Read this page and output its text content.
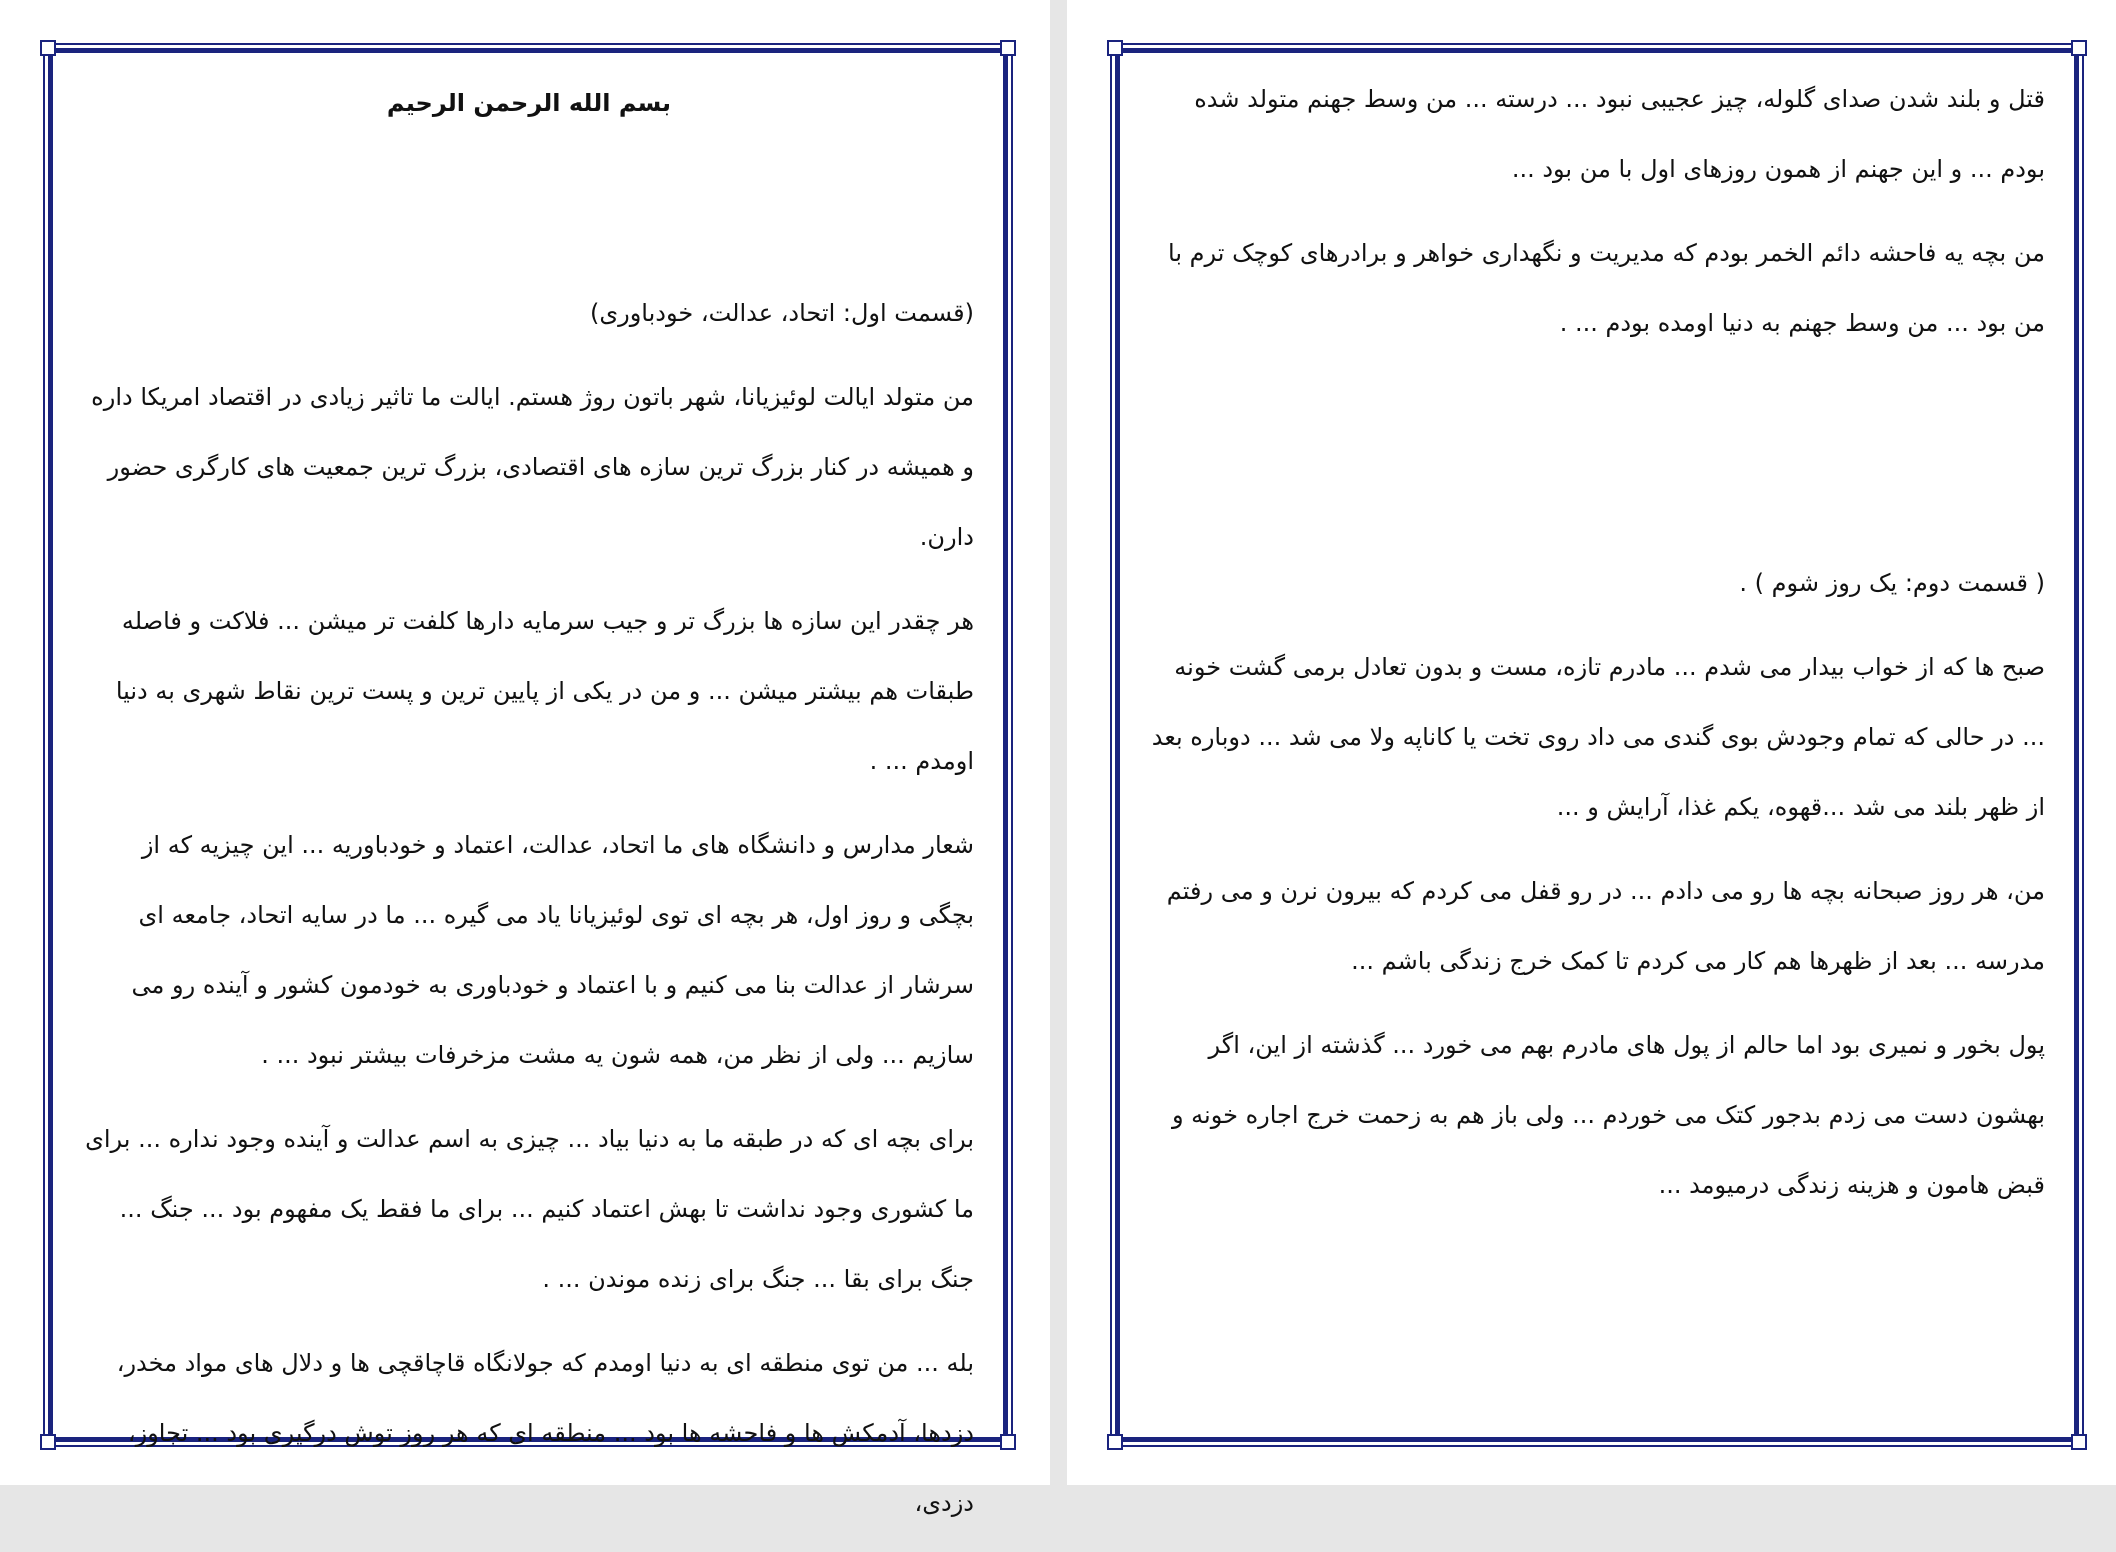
بسم الله الرحمن الرحیم

(قسمت اول: اتحاد، عدالت، خودباوری)

من متولد ایالت لوئیزیانا، شهر باتون روژ هستم. ایالت ما تاثیر زیادی در اقتصاد امریکا داره و همیشه در کنار بزرگ ترین سازه های اقتصادی، بزرگ ترین جمعیت های کارگری حضور دارن.

هر چقدر این سازه ها بزرگ تر و جیب سرمایه دارها کلفت تر میشن ... فلاکت و فاصله طبقات هم بیشتر میشن ... و من در یکی از پایین ترین و پست ترین نقاط شهری به دنیا اومدم ... .

شعار مدارس و دانشگاه های ما اتحاد، عدالت، اعتماد و خودباوریه ... این چیزیه که از بچگی و روز اول، هر بچه ای توی لوئیزیانا یاد می گیره ... ما در سایه اتحاد، جامعه ای سرشار از عدالت بنا می کنیم و با اعتماد و خودباوری به خودمون کشور و آینده رو می سازیم ... ولی از نظر من، همه شون یه مشت مزخرفات بیشتر نبود ... .

برای بچه ای که در طبقه ما به دنیا بیاد ... چیزی به اسم عدالت و آینده وجود نداره ... برای ما کشوری وجود نداشت تا بهش اعتماد کنیم ... برای ما فقط یک مفهوم بود ... جنگ ... جنگ برای بقا ... جنگ برای زنده موندن ... .

بله ... من توی منطقه ای به دنیا اومدم که جولانگاه قاچاقچی ها و دلال های مواد مخدر، دزدها، آدمکش ها و فاحشه ها بود ... منطقه ای که هر روز توش درگیری بود ... تجاوز، دزدی،

قتل و بلند شدن صدای گلوله، چیز عجیبی نبود ... درسته ... من وسط جهنم متولد شده بودم ... و این جهنم از همون روزهای اول با من بود ...

من بچه یه فاحشه دائم الخمر بودم که مدیریت و نگهداری خواهر و برادرهای کوچک ترم با من بود ... من وسط جهنم به دنیا اومده بودم ... .

( قسمت دوم: یک روز شوم ) .

صبح ها که از خواب بیدار می شدم ... مادرم تازه، مست و بدون تعادل برمی گشت خونه ... در حالی که تمام وجودش بوی گندی می داد روی تخت یا کاناپه ولا می شد ... دوباره بعد از ظهر بلند می شد ...قهوه، یکم غذا، آرایش و ...

من، هر روز صبحانه بچه ها رو می دادم ... در رو قفل می کردم که بیرون نرن و می رفتم مدرسه ... بعد از ظهرها هم کار می کردم تا کمک خرج زندگی باشم ...

پول بخور و نمیری بود اما حالم از پول های مادرم بهم می خورد ... گذشته از این، اگر بهشون دست می زدم بدجور کتک می خوردم ... ولی باز هم به زحمت خرج اجاره خونه و قبض هامون و هزینه زندگی درمیومد ...
